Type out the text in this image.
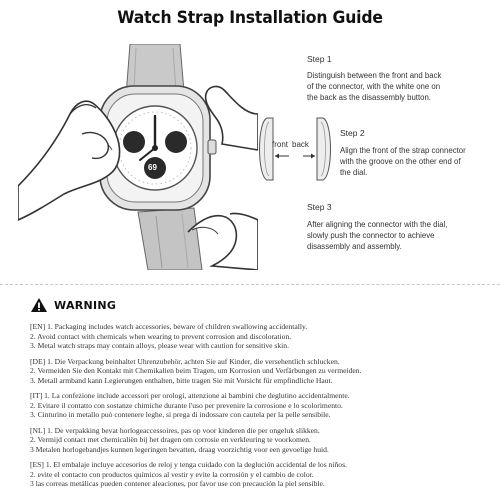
Watch Strap Installation Guide
92	82
69
Step 1
Distinguish between the front and back
of the connector, with the white one on
the back as the disassembly button.
Step 2
Align the front of the strap connector
with the groove on the other end of
the dial.
Step 3
After aligning the connector with the dial,
slowly push the connector to achieve
disassembly and assembly.
front back
WARNING
[EN] 1. Packaging includes watch accessories, beware of children swallowing accidentally.
2. Avoid contact with chemicals when wearing to prevent corrosion and discoloration.
3. Metal watch straps may contain alloys, please wear with caution for sensitive skin.
[DE] 1. Die Verpackung beinhaltet Uhrenzubehör, achten Sie auf Kinder, die versehentlich schlucken.
2. Vermeiden Sie den Kontakt mit Chemikalien beim Tragen, um Korrosion und Verfärbungen zu vermeiden.
3. Metall armband kann Legierungen enthalten, bitte tragen Sie mit Vorsicht für empfindliche Haut.
[IT] 1. La confezione include accessori per orologi, attenzione ai bambini che deglutino accidentalmente.
2. Evitare il contatto con sostanze chimiche durante l'uso per prevenire la corrosione e lo scolorimento.
3. Cinturino in metallo può contenere leghe, si prega di indossare con cautela per la pelle sensibile.
[NL] 1. De verpakking bevat horlogeaccessoires, pas op voor kinderen die per ongeluk slikken.
2. Vermijd contact met chemicaliën bij het dragen om corrosie en verkleuring te voorkomen.
3 Metalen horlogebandjes kunnen legeringen bevatten, draag voorzichtig voor een gevoelige huid.
[ES] 1. El embalaje incluye accesorios de reloj y tenga cuidado con la deglución accidental de los niños.
2. evite el contacto con productos químicos al vestir y evite la corrosión y el cambio de color.
3 las correas metálicas pueden contener aleaciones, por favor use con precaución la piel sensible.
